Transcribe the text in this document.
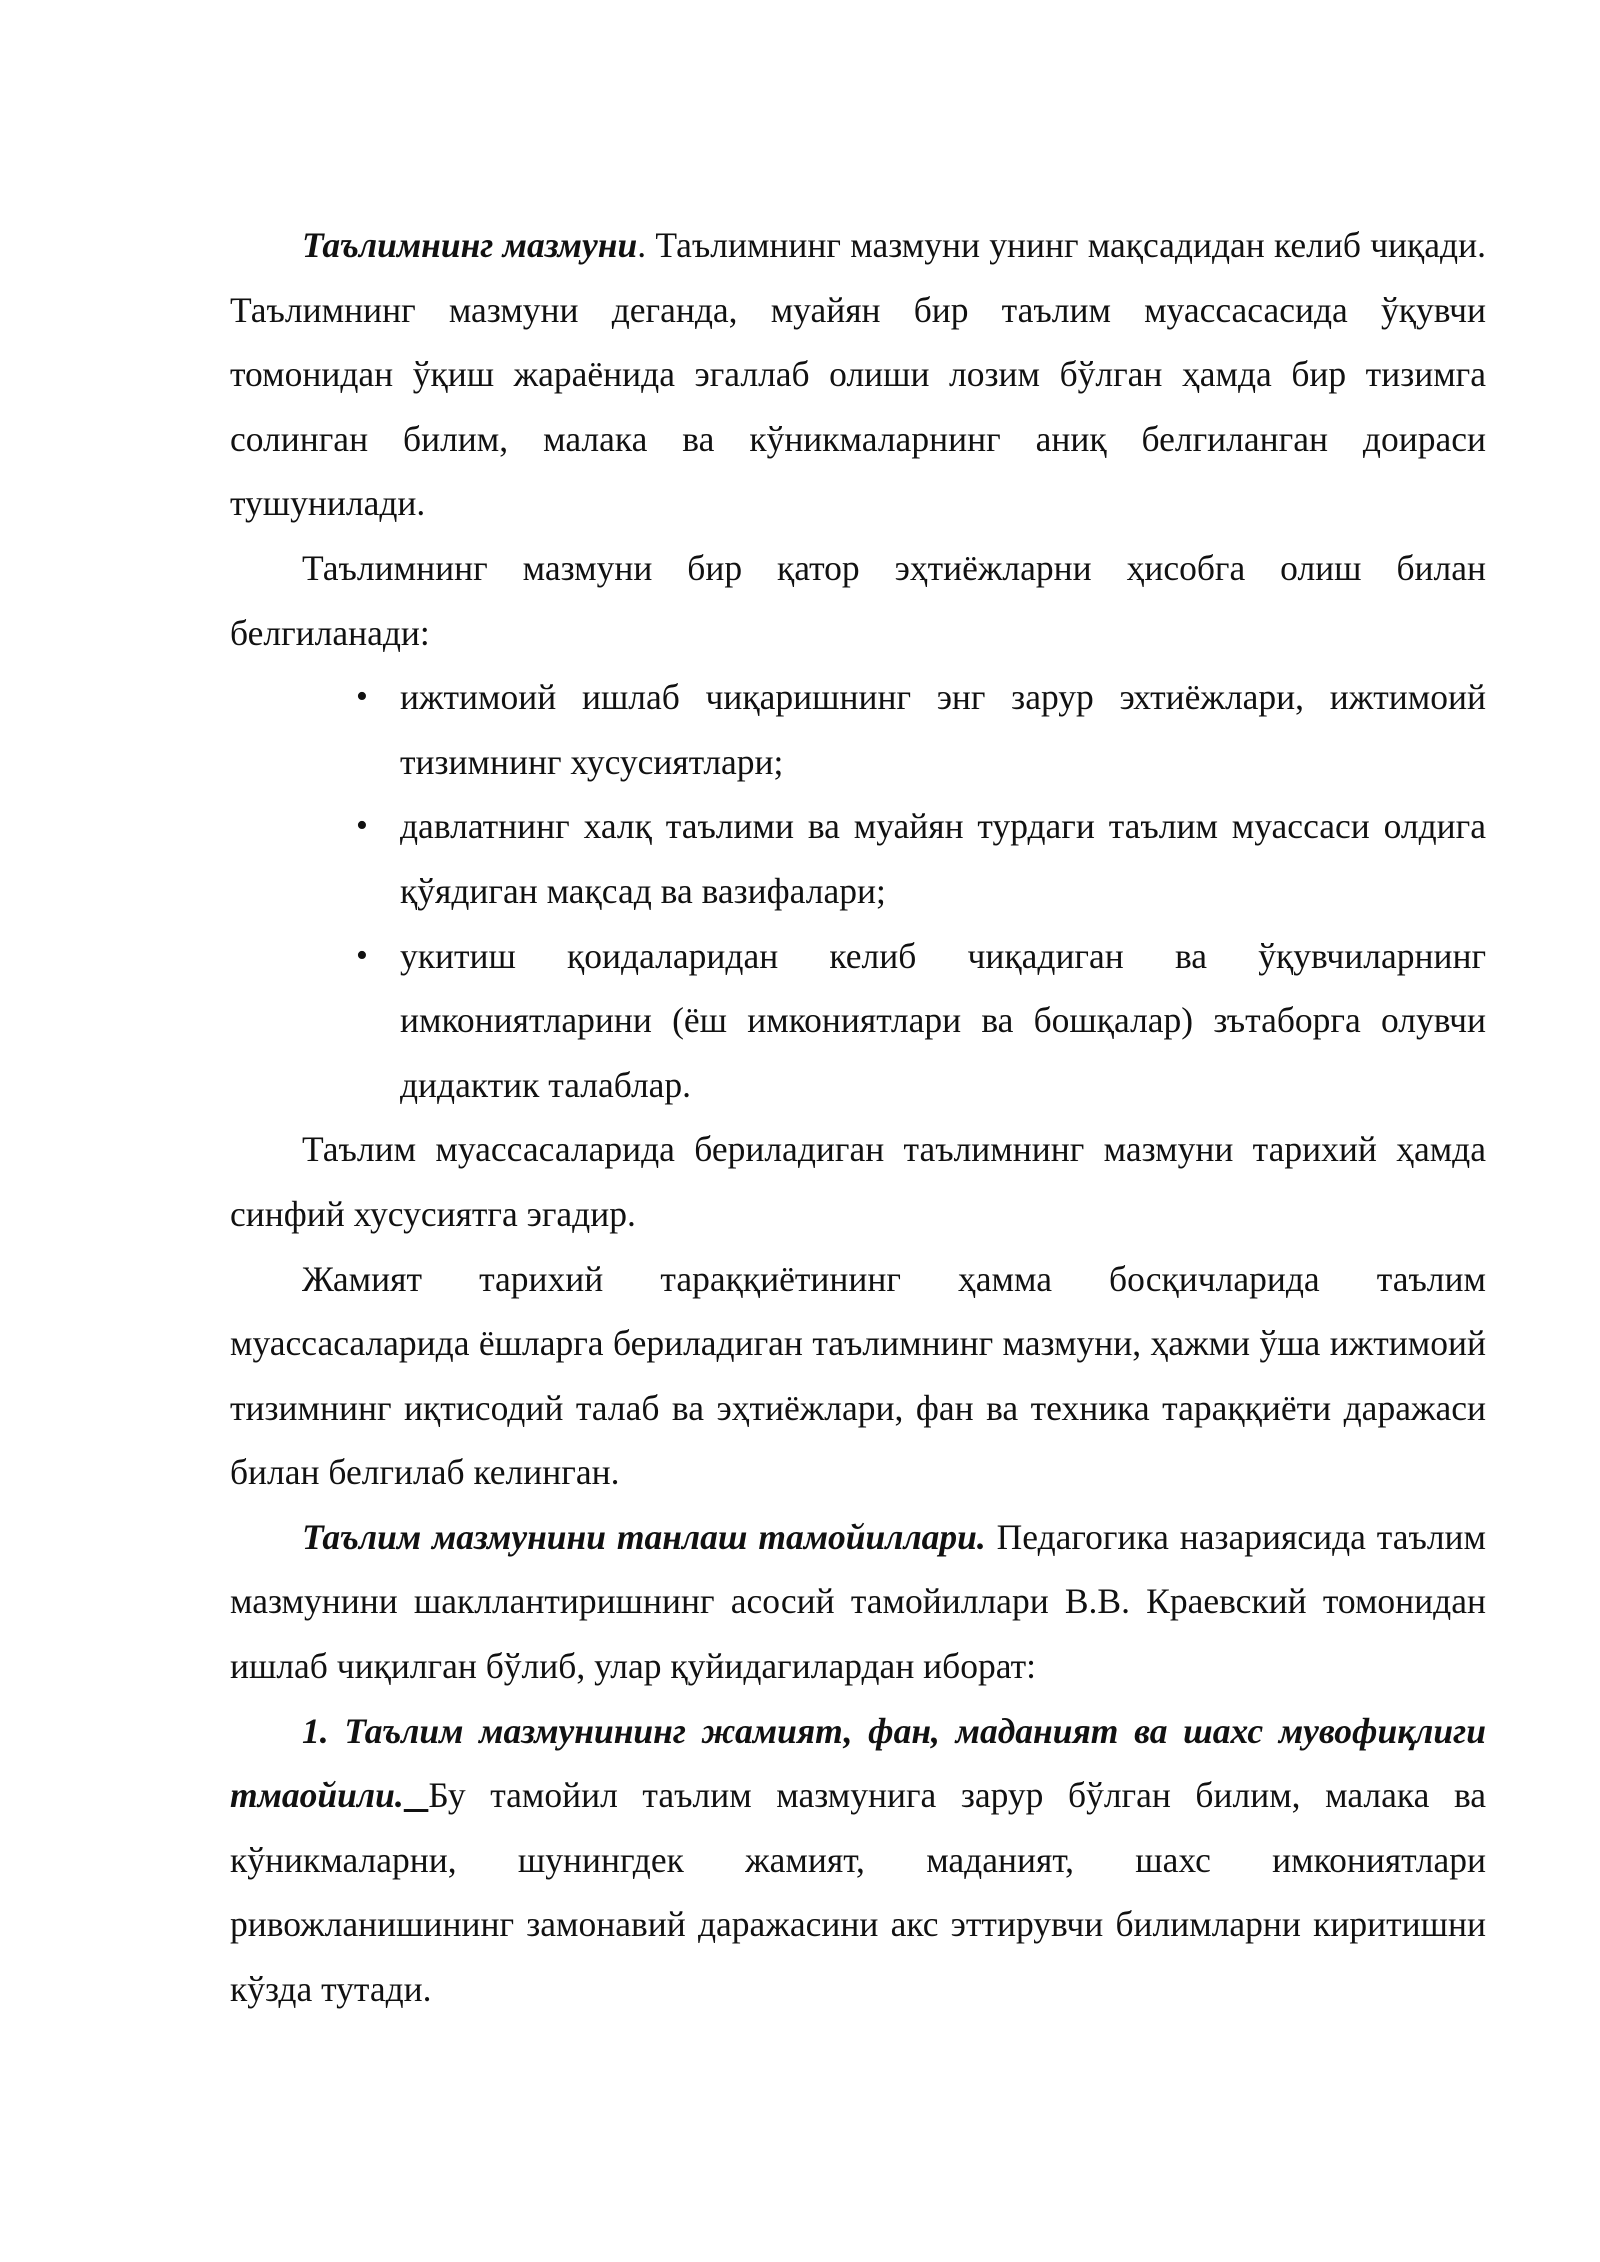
Таълимнинг мазмуни. Таълимнинг мазмуни унинг мақсадидан келиб чиқади. Таълимнинг мазмуни деганда, муайян бир таълим муассасасида ўқувчи томонидан ўқиш жараёнида эгаллаб олиши лозим бўлган ҳамда бир тизимга солинган билим, малака ва кўникмаларнинг аниқ белгиланган доираси тушунилади.

Таълимнинг мазмуни бир қатор эҳтиёжларни ҳисобга олиш билан белгиланади:

• ижтимоий ишлаб чиқаришнинг энг зарур эхтиёжлари, ижтимоий тизимнинг хусусиятлари;
• давлатнинг халқ таълими ва муайян турдаги таълим муассаси олдига қўядиган мақсад ва вазифалари;
• укитиш қоидаларидан келиб чиқадиган ва ўқувчиларнинг имкониятларини (ёш имкониятлари ва бошқалар) зътаборга олувчи дидактик талаблар.

Таълим муассасаларида бериладиган таълимнинг мазмуни тарихий ҳамда синфий хусусиятга эгадир.

Жамият тарихий тараққиётининг ҳамма босқичларида таълим муассасаларида ёшларга бериладиган таълимнинг мазмуни, ҳажми ўша ижтимоий тизимнинг иқтисодий талаб ва эҳтиёжлари, фан ва техника тараққиёти даражаси билан белгилаб келинган.

Таълим мазмунини танлаш тамойиллари. Педагогика назариясида таълим мазмунини шакллантиришнинг асосий тамойиллари В.В. Краевский томонидан ишлаб чиқилган бўлиб, улар қуйидагилардан иборат:

1. Таълим мазмунининг жамият, фан, маданият ва шахс мувофиқлиги тмаойили. Бу тамойил таълим мазмунига зарур бўлган билим, малака ва кўникмаларни, шунингдек жамият, маданият, шахс имкониятлари ривожланишининг замонавий даражасини акс эттирувчи билимларни киритишни кўзда тутади.
